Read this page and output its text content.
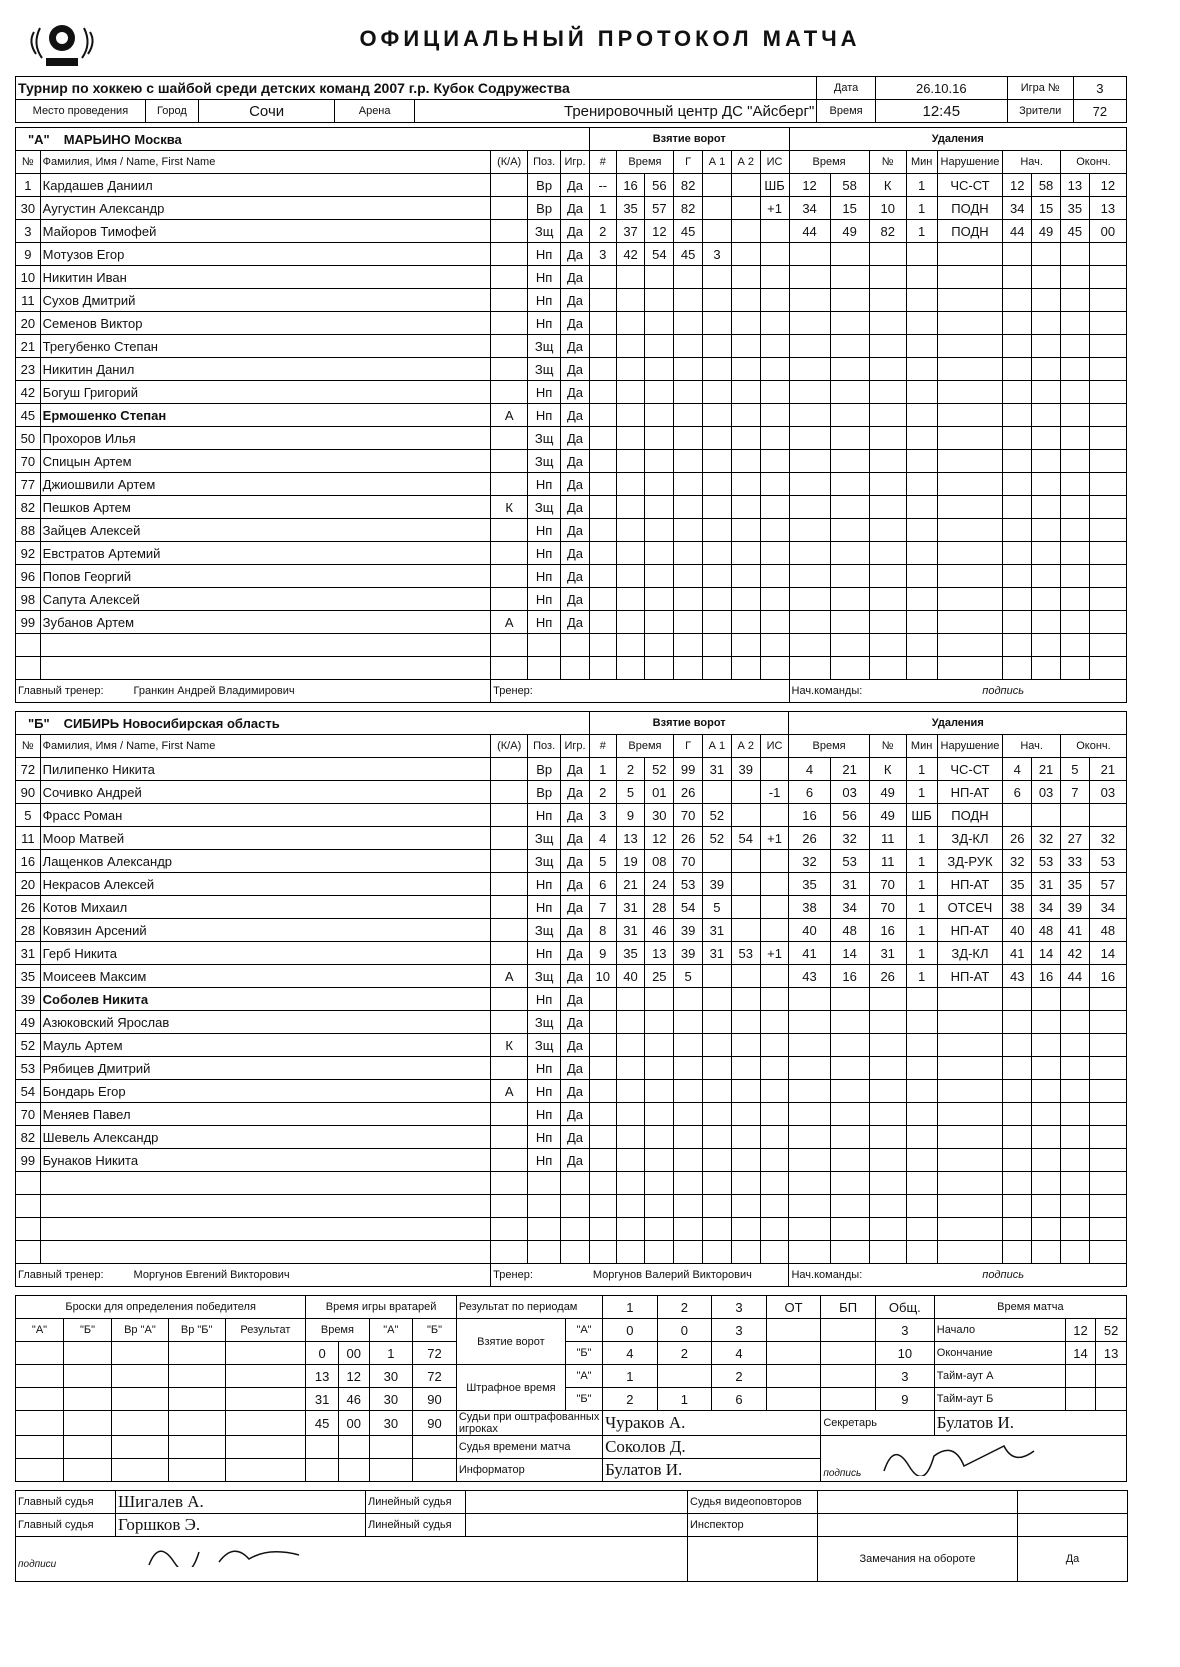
ОФИЦИАЛЬНЫЙ ПРОТОКОЛ МАТЧА
Турнир по хоккею с шайбой среди детских команд 2007 г.р. Кубок Содружества					Дата	26.10.16	Игра №	3
Место проведения	Город	Сочи	Арена	Тренировочный центр ДС "Айсберг"	Время	12:45	Зрители	72
"А" МАРЬИНО Москва					Взятие ворот							Удаления								
№	Фамилия, Имя / Name, First Name	(К/А)	Поз.	Игр.	#	Время		Г	А 1	А 2	ИС	Время		№	Мин	Нарушение	Нач.		Оконч.	
1	Кардашев Даниил		Вр	Да	--	16	56	82			ШБ	12	58	К	1	ЧС-СТ	12	58	13	12
30	Аугустин Александр		Вр	Да	1	35	57	82			+1	34	15	10	1	ПОДН	34	15	35	13
3	Майоров Тимофей		Зщ	Да	2	37	12	45				44	49	82	1	ПОДН	44	49	45	00
9	Мотузов Егор		Нп	Да	3	42	54	45	3											
10	Никитин Иван		Нп	Да																
11	Сухов Дмитрий		Нп	Да																
20	Семенов Виктор		Нп	Да																
21	Трегубенко Степан		Зщ	Да																
23	Никитин Данил		Зщ	Да																
42	Богуш Григорий		Нп	Да																
45	Ермошенко Степан	А	Нп	Да																
50	Прохоров Илья		Зщ	Да																
70	Спицын Артем		Зщ	Да																
77	Джиошвили Артем		Нп	Да																
82	Пешков Артем	К	Зщ	Да																
88	Зайцев Алексей		Нп	Да																
92	Евстратов Артемий		Нп	Да																
96	Попов Георгий		Нп	Да																
98	Сапута Алексей		Нп	Да																
99	Зубанов Артем	А	Нп	Да																

Главный тренер: Гранкин Андрей Владимирович		Тренер:										Нач.команды: подпись								
"Б" СИБИРЬ Новосибирская область					Взятие ворот							Удаления								
№	Фамилия, Имя / Name, First Name	(К/А)	Поз.	Игр.	#	Время		Г	А 1	А 2	ИС	Время		№	Мин	Нарушение	Нач.		Оконч.	
72	Пилипенко Никита		Вр	Да	1	2	52	99	31	39		4	21	К	1	ЧС-СТ	4	21	5	21
90	Сочивко Андрей		Вр	Да	2	5	01	26			-1	6	03	49	1	НП-АТ	6	03	7	03
5	Фрасс Роман		Нп	Да	3	9	30	70	52			16	56	49	ШБ	ПОДН				
11	Моор Матвей		Зщ	Да	4	13	12	26	52	54	+1	26	32	11	1	ЗД-КЛ	26	32	27	32
16	Лащенков Александр		Зщ	Да	5	19	08	70				32	53	11	1	ЗД-РУК	32	53	33	53
20	Некрасов Алексей		Нп	Да	6	21	24	53	39			35	31	70	1	НП-АТ	35	31	35	57
26	Котов Михаил		Нп	Да	7	31	28	54	5			38	34	70	1	ОТСЕЧ	38	34	39	34
28	Ковязин Арсений		Зщ	Да	8	31	46	39	31			40	48	16	1	НП-АТ	40	48	41	48
31	Герб Никита		Нп	Да	9	35	13	39	31	53	+1	41	14	31	1	ЗД-КЛ	41	14	42	14
35	Моисеев Максим	А	Зщ	Да	10	40	25	5				43	16	26	1	НП-АТ	43	16	44	16
39	Соболев Никита		Нп	Да																
49	Азюковский Ярослав		Зщ	Да																
52	Мауль Артем	К	Зщ	Да																
53	Рябицев Дмитрий		Нп	Да																
54	Бондарь Егор	А	Нп	Да																
70	Меняев Павел		Нп	Да																
82	Шевель Александр		Нп	Да																
99	Бунаков Никита		Нп	Да																

Главный тренер: Моргунов Евгений Викторович		Тренер: Моргунов Валерий Викторович										Нач.команды: подпись								
Броски для определения победителя					Время игры вратарей				Результат по периодам		1	2	3	ОТ	БП	Общ.	Время матча		
"А"	"Б"	Вр "А"	Вр "Б"	Результат	Время		"А"	"Б"	Взятие ворот	"А"	0	0	3			3	Начало	12	52
					0	00	1	72		"Б"	4	2	4			10	Окончание	14	13
					13	12	30	72	Штрафное время	"А"	1		2			3	Тайм-аут А		
					31	46	30	90		"Б"	2	1	6			9	Тайм-аут Б		
					45	00	30	90	Судьи при оштрафованных игроках		Чураков А.				Секретарь		Булатов И.		
									Судья времени матча		Соколов Д.				подпись				
									Информатор		Булатов И.								
Главный судья	Шигалев А.	Линейный судья		Судья видеоповторов		
Главный судья	Горшков Э.	Линейный судья		Инспектор		
подписи					Замечания на обороте	Да
